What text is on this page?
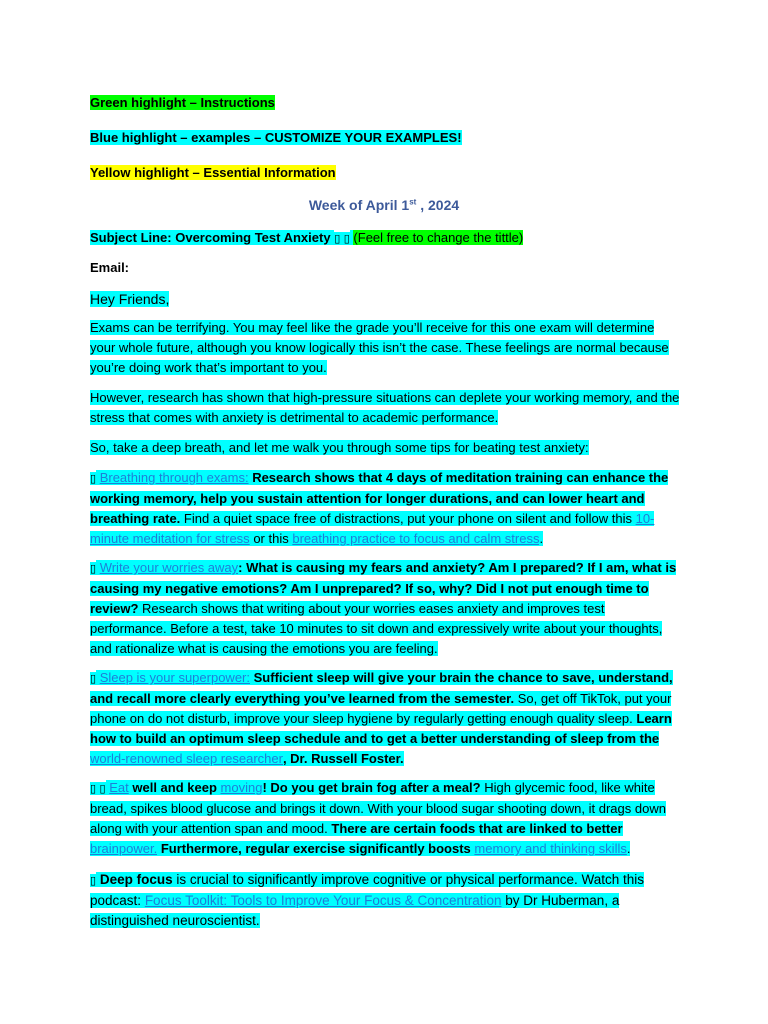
Green highlight – Instructions
Blue highlight – examples – CUSTOMIZE YOUR EXAMPLES!
Yellow highlight – Essential Information
Week of April 1st , 2024
Subject Line: Overcoming Test Anxiety ▯ ▯ (Feel free to change the tittle)
Email:
Hey Friends,
Exams can be terrifying. You may feel like the grade you’ll receive for this one exam will determine your whole future, although you know logically this isn’t the case. These feelings are normal because you’re doing work that’s important to you.
However, research has shown that high-pressure situations can deplete your working memory, and the stress that comes with anxiety is detrimental to academic performance.
So, take a deep breath, and let me walk you through some tips for beating test anxiety:
▯ Breathing through exams: Research shows that 4 days of meditation training can enhance the working memory, help you sustain attention for longer durations, and can lower heart and breathing rate. Find a quiet space free of distractions, put your phone on silent and follow this 10-minute meditation for stress or this breathing practice to focus and calm stress.
▯ Write your worries away: What is causing my fears and anxiety? Am I prepared? If I am, what is causing my negative emotions? Am I unprepared? If so, why? Did I not put enough time to review? Research shows that writing about your worries eases anxiety and improves test performance. Before a test, take 10 minutes to sit down and expressively write about your thoughts, and rationalize what is causing the emotions you are feeling.
▯ Sleep is your superpower: Sufficient sleep will give your brain the chance to save, understand, and recall more clearly everything you’ve learned from the semester. So, get off TikTok, put your phone on do not disturb, improve your sleep hygiene by regularly getting enough quality sleep. Learn how to build an optimum sleep schedule and to get a better understanding of sleep from the world-renowned sleep researcher, Dr. Russell Foster.
▯ ▯ Eat well and keep moving! Do you get brain fog after a meal? High glycemic food, like white bread, spikes blood glucose and brings it down. With your blood sugar shooting down, it drags down along with your attention span and mood. There are certain foods that are linked to better brainpower. Furthermore, regular exercise significantly boosts memory and thinking skills.
▯ Deep focus is crucial to significantly improve cognitive or physical performance. Watch this podcast: Focus Toolkit: Tools to Improve Your Focus & Concentration by Dr Huberman, a distinguished neuroscientist.
